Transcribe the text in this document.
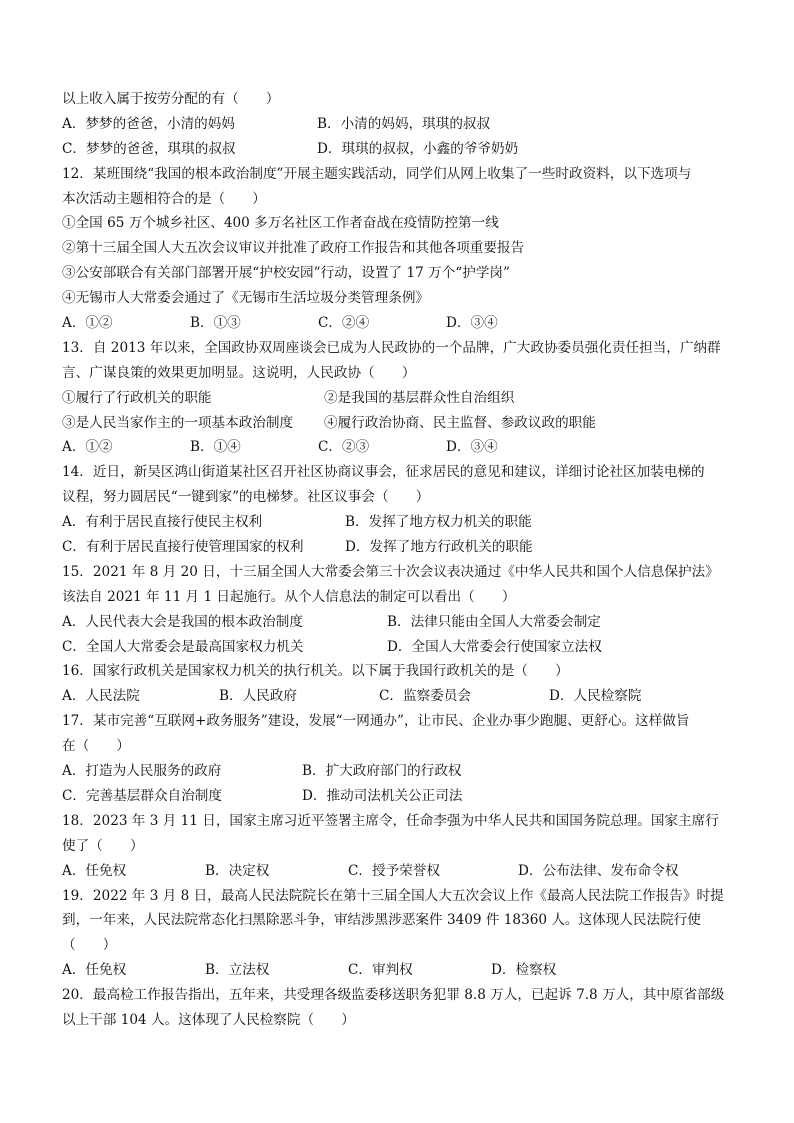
以上收入属于按劳分配的有（　　）
A．梦梦的爸爸，小清的妈妈	B．小清的妈妈，琪琪的叔叔
C．梦梦的爸爸，琪琪的叔叔	D．琪琪的叔叔，小鑫的爷爷奶奶
12．某班围绕“我国的根本政治制度”开展主题实践活动，同学们从网上收集了一些时政资料，以下选项与
本次活动主题相符合的是（　　）
①全国 65 万个城乡社区、400 多万名社区工作者奋战在疫情防控第一线
②第十三届全国人大五次会议审议并批准了政府工作报告和其他各项重要报告
③公安部联合有关部门部署开展“护校安园”行动，设置了 17 万个“护学岗”
④无锡市人大常委会通过了《无锡市生活垃圾分类管理条例》
A．①②	B．①③	C．②④	D．③④
13．自 2013 年以来，全国政协双周座谈会已成为人民政协的一个品牌，广大政协委员强化责任担当，广纳群
言、广谋良策的效果更加明显。这说明，人民政协（　　）
①履行了行政机关的职能	②是我国的基层群众性自治组织
③是人民当家作主的一项基本政治制度 ④履行政治协商、民主监督、参政议政的职能
A．①②	B．①④	C．②③	D．③④
14．近日，新吴区鸿山街道某社区召开社区协商议事会，征求居民的意见和建议，详细讨论社区加装电梯的
议程，努力圆居民“一键到家”的电梯梦。社区议事会（　　）
A．有利于居民直接行使民主权利	B．发挥了地方权力机关的职能
C．有利于居民直接行使管理国家的权利	D．发挥了地方行政机关的职能
15．2021 年 8 月 20 日，十三届全国人大常委会第三十次会议表决通过《中华人民共和国个人信息保护法》
该法自 2021 年 11 月 1 日起施行。从个人信息法的制定可以看出（　　）
A．人民代表大会是我国的根本政治制度	B．法律只能由全国人大常委会制定
C．全国人大常委会是最高国家权力机关	D．全国人大常委会行使国家立法权
16．国家行政机关是国家权力机关的执行机关。以下属于我国行政机关的是（　　）
A．人民法院	B．人民政府	C．监察委员会	D．人民检察院
17．某市完善“互联网+政务服务”建设，发展“一网通办”，让市民、企业办事少跑腿、更舒心。这样做旨
在（　　）
A．打造为人民服务的政府	B．扩大政府部门的行政权
C．完善基层群众自治制度	D．推动司法机关公正司法
18．2023 年 3 月 11 日，国家主席习近平签署主席令，任命李强为中华人民共和国国务院总理。国家主席行
使了（　　）
A．任免权	B．决定权	C．授予荣誉权	D．公布法律、发布命令权
19．2022 年 3 月 8 日，最高人民法院院长在第十三届全国人大五次会议上作《最高人民法院工作报告》时提
到，一年来，人民法院常态化扫黑除恶斗争，审结涉黑涉恶案件 3409 件 18360 人。这体现人民法院行使
（　　）
A．任免权	B．立法权	C．审判权	D．检察权
20．最高检工作报告指出，五年来，共受理各级监委移送职务犯罪 8.8 万人，已起诉 7.8 万人，其中原省部级
以上干部 104 人。这体现了人民检察院（　　）
